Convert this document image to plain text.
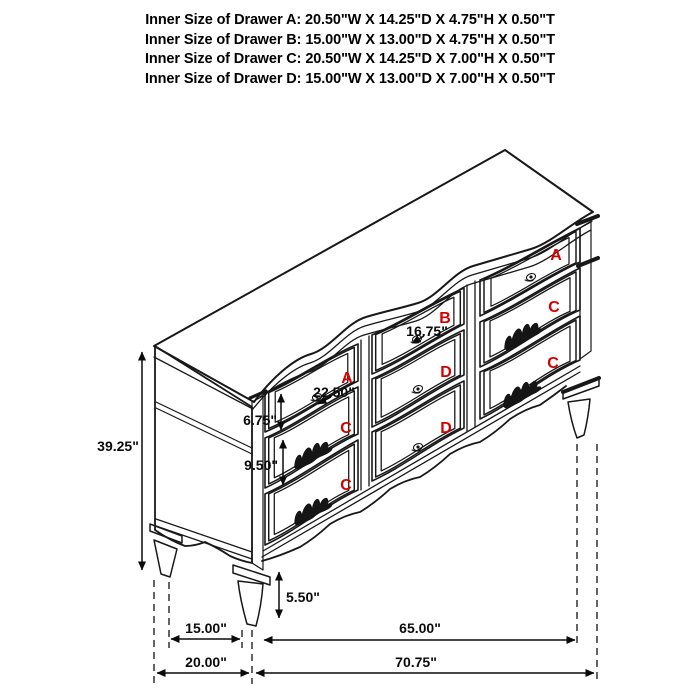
Inner Size of Drawer A: 20.50"W X 14.25"D X 4.75"H X 0.50"T
Inner Size of Drawer B: 15.00"W X 13.00"D X 4.75"H X 0.50"T
Inner Size of Drawer C: 20.50"W X 14.25"D X 7.00"H X 0.50"T
Inner Size of Drawer D: 15.00"W X 13.00"D X 7.00"H X 0.50"T
39.25"
6.75"
9.50"
22.50"
16.75"
5.50"
15.00"	65.00"
20.00"	70.75"
A
C
C
B
D
D
A
C
C
